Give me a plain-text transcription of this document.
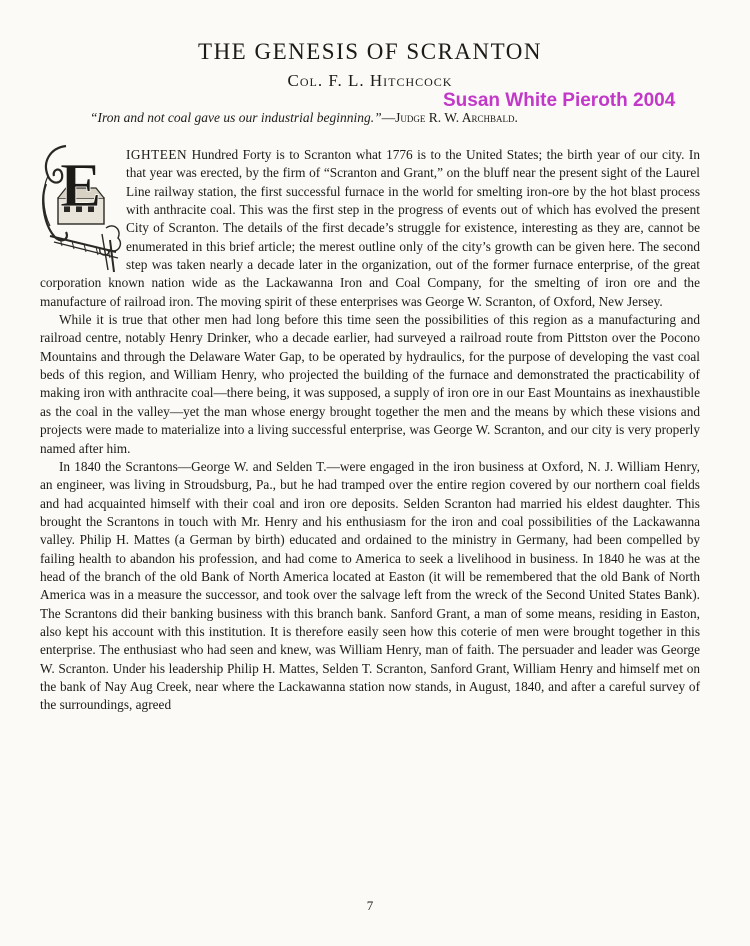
THE GENESIS OF SCRANTON
Col. F. L. Hitchcock
Susan White Pieroth 2004
“Iron and not coal gave us our industrial beginning.”—Judge R. W. Archbald.
E	IGHTEEN Hundred Forty is to Scranton what 1776 is to the United States; the birth year of our city. In that year was erected, by the firm of “Scranton and Grant,” on the bluff near the present sight of the Laurel Line railway station, the first successful furnace in the world for smelting iron-ore by the hot blast process with anthracite coal. This was the first step in the progress of events out of which has evolved the present City of Scranton. The details of the first decade’s struggle for existence, interesting as they are, cannot be enumerated in this brief article; the merest outline only of the city’s growth can be given here. The second step was taken nearly a decade later in the organization, out of the former furnace enterprise, of the great corporation known nation wide as the Lackawanna Iron and Coal Company, for the smelting of iron ore and the manufacture of railroad iron. The moving spirit of these enterprises was George W. Scranton, of Oxford, New Jersey.

While it is true that other men had long before this time seen the possibilities of this region as a manufacturing and railroad centre, notably Henry Drinker, who a decade earlier, had surveyed a railroad route from Pittston over the Pocono Mountains and through the Delaware Water Gap, to be operated by hydraulics, for the purpose of developing the vast coal beds of this region, and William Henry, who projected the building of the furnace and demonstrated the practicability of making iron with anthracite coal—there being, it was supposed, a supply of iron ore in our East Mountains as inexhaustible as the coal in the valley—yet the man whose energy brought together the men and the means by which these visions and projects were made to materialize into a living successful enterprise, was George W. Scranton, and our city is very properly named after him.

In 1840 the Scrantons—George W. and Selden T.—were engaged in the iron business at Oxford, N. J. William Henry, an engineer, was living in Stroudsburg, Pa., but he had tramped over the entire region covered by our northern coal fields and had acquainted himself with their coal and iron ore deposits. Selden Scranton had married his eldest daughter. This brought the Scrantons in touch with Mr. Henry and his enthusiasm for the iron and coal possibilities of the Lackawanna valley. Philip H. Mattes (a German by birth) educated and ordained to the ministry in Germany, had been compelled by failing health to abandon his profession, and had come to America to seek a livelihood in business. In 1840 he was at the head of the branch of the old Bank of North America located at Easton (it will be remembered that the old Bank of North America was in a measure the successor, and took over the salvage left from the wreck of the Second United States Bank). The Scrantons did their banking business with this branch bank. Sanford Grant, a man of some means, residing in Easton, also kept his account with this institution. It is therefore easily seen how this coterie of men were brought together in this enterprise. The enthusiast who had seen and knew, was William Henry, man of faith. The persuader and leader was George W. Scranton. Under his leadership Philip H. Mattes, Selden T. Scranton, Sanford Grant, William Henry and himself met on the bank of Nay Aug Creek, near where the Lackawanna station now stands, in August, 1840, and after a careful survey of the surroundings, agreed

7
